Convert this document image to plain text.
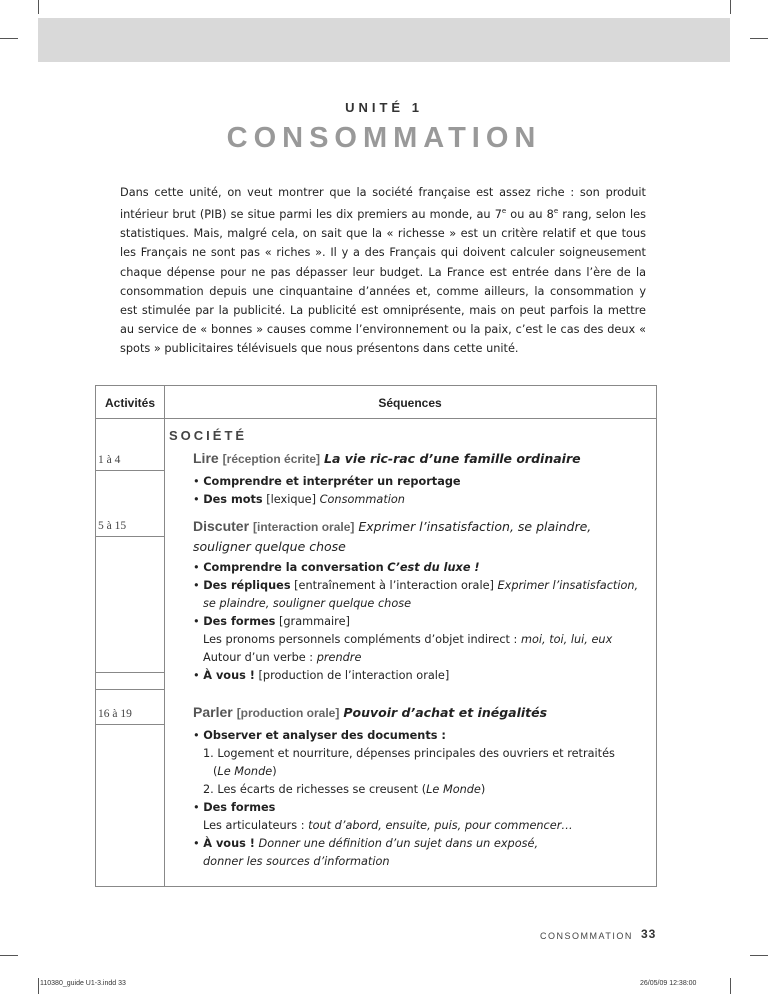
UNITÉ 1
CONSOMMATION
Dans cette unité, on veut montrer que la société française est assez riche : son produit intérieur brut (PIB) se situe parmi les dix premiers au monde, au 7e ou au 8e rang, selon les statistiques. Mais, malgré cela, on sait que la « richesse » est un critère relatif et que tous les Français ne sont pas « riches ». Il y a des Français qui doivent calculer soigneusement chaque dépense pour ne pas dépasser leur budget. La France est entrée dans l’ère de la consommation depuis une cinquantaine d’années et, comme ailleurs, la consommation y est stimulée par la publicité. La publicité est omniprésente, mais on peut parfois la mettre au service de « bonnes » causes comme l’environnement ou la paix, c’est le cas des deux « spots » publicitaires télévisuels que nous présentons dans cette unité.
Activités	Séquences
SOCIÉTÉ
1 à 4
5 à 15
16 à 19
Lire [réception écrite] La vie ric-rac d’une famille ordinaire
• Comprendre et interpréter un reportage
• Des mots [lexique] Consommation
Discuter [interaction orale] Exprimer l’insatisfaction, se plaindre,
souligner quelque chose
• Comprendre la conversation C’est du luxe !
• Des répliques [entraînement à l’interaction orale] Exprimer l’insatisfaction,
se plaindre, souligner quelque chose
• Des formes [grammaire]
Les pronoms personnels compléments d’objet indirect : moi, toi, lui, eux
Autour d’un verbe : prendre
• À vous ! [production de l’interaction orale]
Parler [production orale] Pouvoir d’achat et inégalités
• Observer et analyser des documents :
1. Logement et nourriture, dépenses principales des ouvriers et retraités
(Le Monde)
2. Les écarts de richesses se creusent (Le Monde)
• Des formes
Les articulateurs : tout d’abord, ensuite, puis, pour commencer…
• À vous ! Donner une définition d’un sujet dans un exposé,
donner les sources d’information
CONSOMMATION 33
110380_guide U1-3.indd 33	26/05/09 12:38:00
